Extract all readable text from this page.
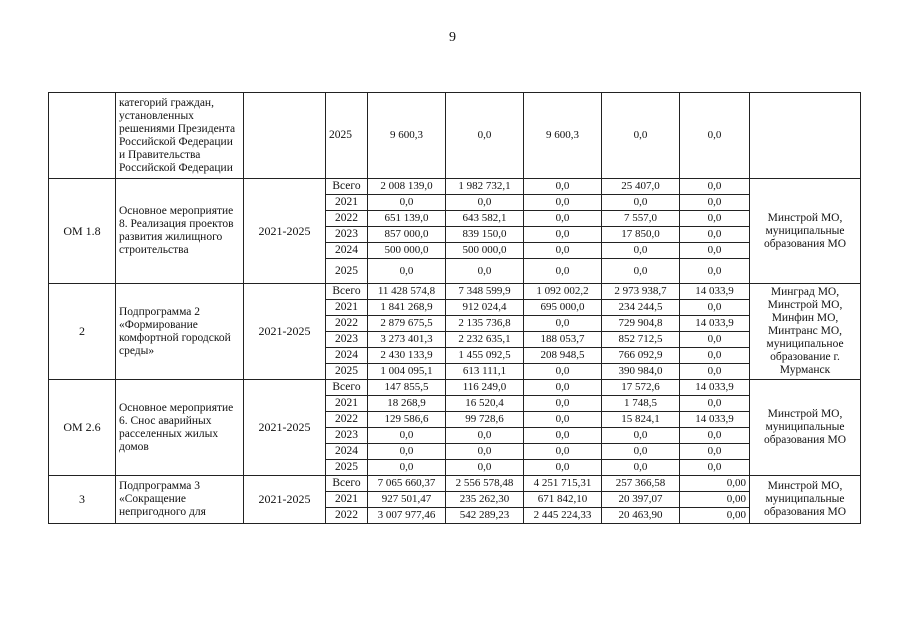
9
	категорий граждан, установленных решениями Президента Российской Федерации и Правительства Российской Федерации		2025	9 600,3	0,0	9 600,3	0,0	0,0	
ОМ 1.8	Основное мероприятие 8. Реализация проектов развития жилищного строительства	2021-2025	Всего	2 008 139,0	1 982 732,1	0,0	25 407,0	0,0	Минстрой МО, муниципальные образования МО
			2021	0,0	0,0	0,0	0,0	0,0	
			2022	651 139,0	643 582,1	0,0	7 557,0	0,0	
			2023	857 000,0	839 150,0	0,0	17 850,0	0,0	
			2024	500 000,0	500 000,0	0,0	0,0	0,0	
			2025	0,0	0,0	0,0	0,0	0,0	
2	Подпрограмма 2 «Формирование комфортной городской среды»	2021-2025	Всего	11 428 574,8	7 348 599,9	1 092 002,2	2 973 938,7	14 033,9	Минград МО, Минстрой МО, Минфин МО, Минтранс МО, муниципальное образование г. Мурманск
			2021	1 841 268,9	912 024,4	695 000,0	234 244,5	0,0	
			2022	2 879 675,5	2 135 736,8	0,0	729 904,8	14 033,9	
			2023	3 273 401,3	2 232 635,1	188 053,7	852 712,5	0,0	
			2024	2 430 133,9	1 455 092,5	208 948,5	766 092,9	0,0	
			2025	1 004 095,1	613 111,1	0,0	390 984,0	0,0	
ОМ 2.6	Основное мероприятие 6. Снос аварийных расселенных жилых домов	2021-2025	Всего	147 855,5	116 249,0	0,0	17 572,6	14 033,9	Минстрой МО, муниципальные образования МО
			2021	18 268,9	16 520,4	0,0	1 748,5	0,0	
			2022	129 586,6	99 728,6	0,0	15 824,1	14 033,9	
			2023	0,0	0,0	0,0	0,0	0,0	
			2024	0,0	0,0	0,0	0,0	0,0	
			2025	0,0	0,0	0,0	0,0	0,0	
3	Подпрограмма 3 «Сокращение непригодного для	2021-2025	Всего	7 065 660,37	2 556 578,48	4 251 715,31	257 366,58	0,00	Минстрой МО, муниципальные образования МО
			2021	927 501,47	235 262,30	671 842,10	20 397,07	0,00	
			2022	3 007 977,46	542 289,23	2 445 224,33	20 463,90	0,00	
